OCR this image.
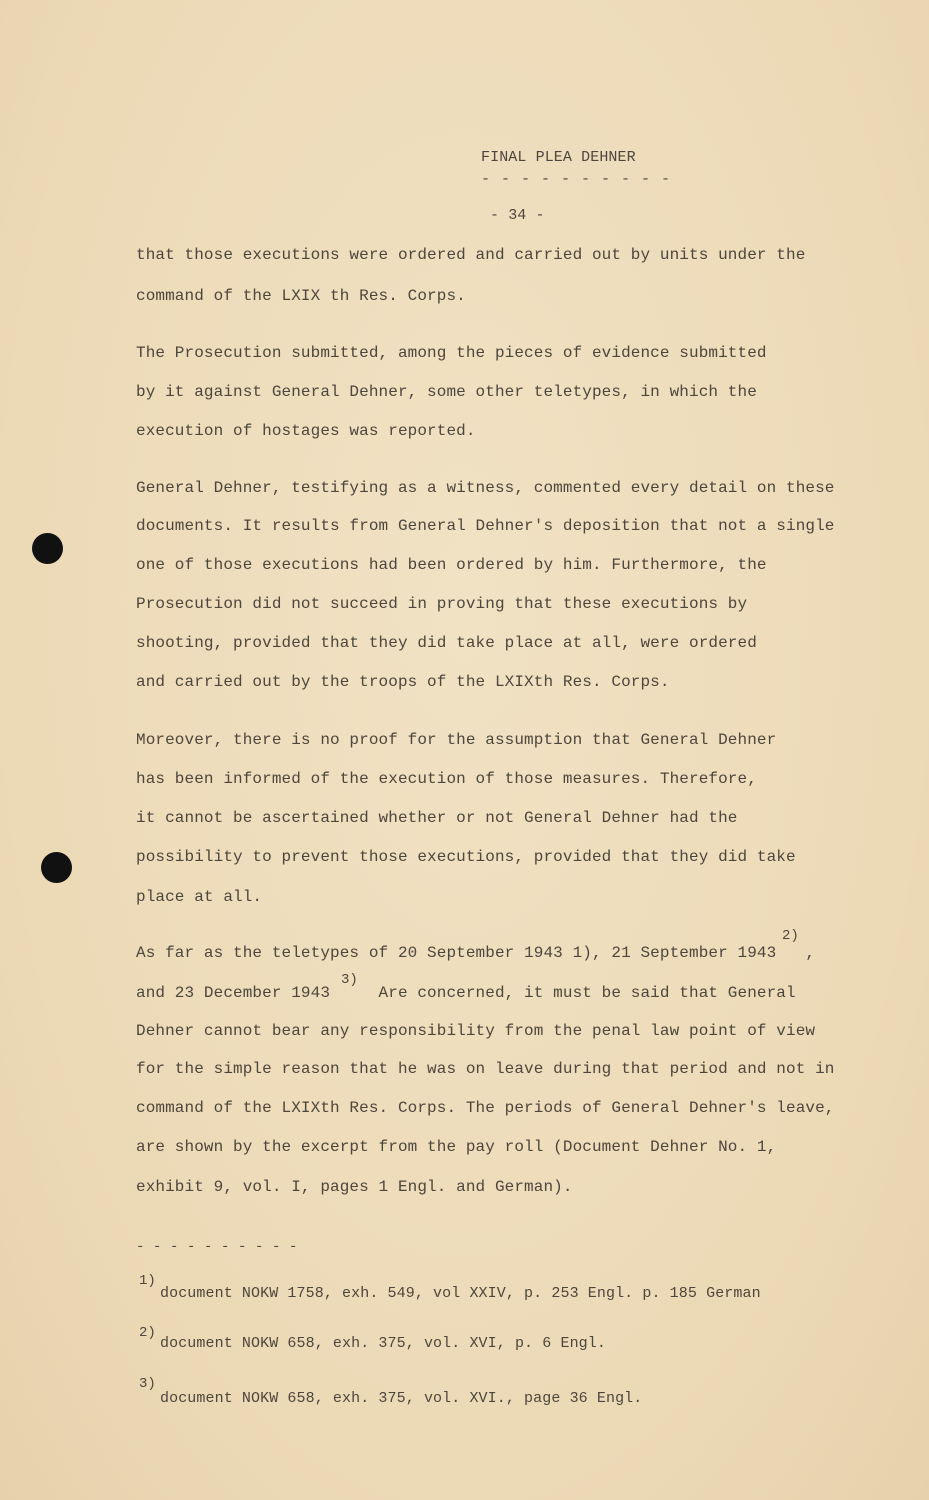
FINAL PLEA DEHNER
- - - - - - - - - -
- 34 -
that those executions were ordered and carried out by units under the
command of the LXIX th Res. Corps.
The Prosecution submitted, among the pieces of evidence submitted
by it against General Dehner, some other teletypes, in which the
execution of hostages was reported.
General Dehner, testifying as a witness, commented every detail on these
documents. It results from General Dehner's deposition that not a single
one of those executions had been ordered by him. Furthermore, the
Prosecution did not succeed in proving that these executions by
shooting, provided that they did take place at all, were ordered
and carried out by the troops of the LXIXth Res. Corps.
Moreover, there is no proof for the assumption that General Dehner
has been informed of the execution of those measures. Therefore,
it cannot be ascertained whether or not General Dehner had the
possibility to prevent those executions, provided that they did take
place at all.
As far as the teletypes of 20 September 1943 1), 21 September 1943   ,
2)
and 23 December 1943     Are concerned, it must be said that General
3)
Dehner cannot bear any responsibility from the penal law point of view
for the simple reason that he was on leave during that period and not in
command of the LXIXth Res. Corps. The periods of General Dehner's leave,
are shown by the excerpt from the pay roll (Document Dehner No. 1,
exhibit 9, vol. I, pages 1 Engl. and German).
- - - - - - - - - -
1)
document NOKW 1758, exh. 549, vol XXIV, p. 253 Engl. p. 185 German
2)
document NOKW 658, exh. 375, vol. XVI, p. 6 Engl.
3)
document NOKW 658, exh. 375, vol. XVI., page 36 Engl.
